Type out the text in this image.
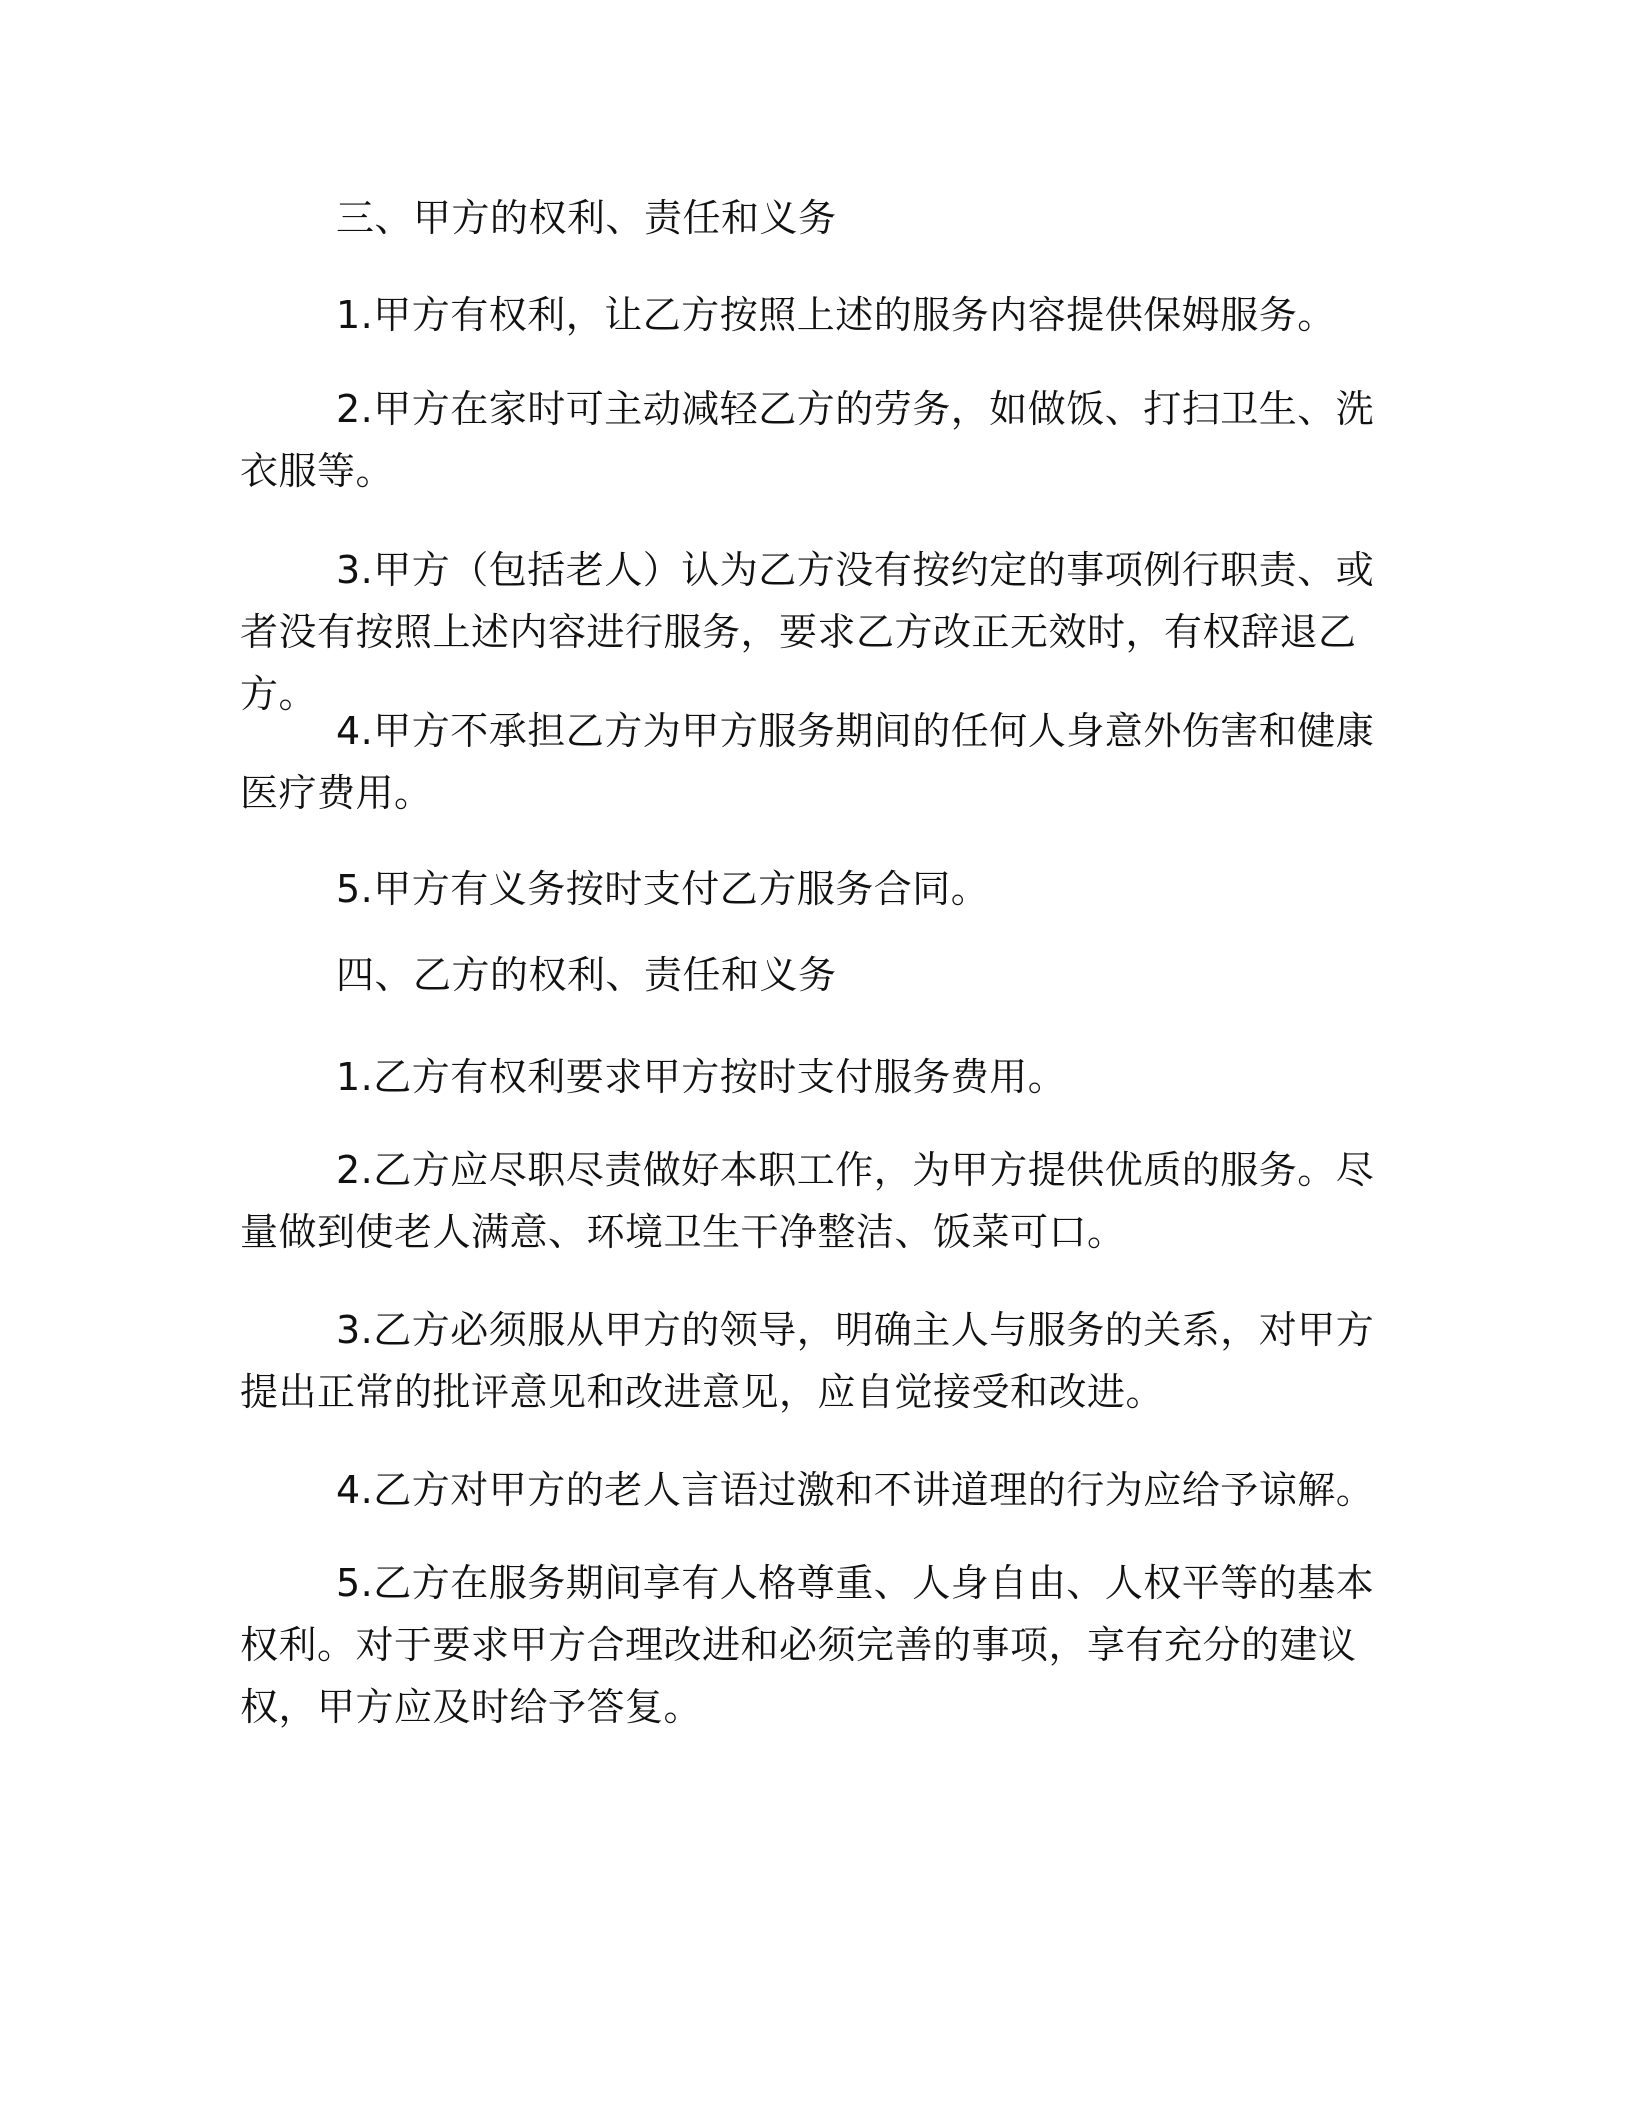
三、甲方的权利、责任和义务

1.甲方有权利，让乙方按照上述的服务内容提供保姆服务。

2.甲方在家时可主动减轻乙方的劳务，如做饭、打扫卫生、洗衣服等。

3.甲方（包括老人）认为乙方没有按约定的事项例行职责、或者没有按照上述内容进行服务，要求乙方改正无效时，有权辞退乙方。

4.甲方不承担乙方为甲方服务期间的任何人身意外伤害和健康医疗费用。

5.甲方有义务按时支付乙方服务合同。

四、乙方的权利、责任和义务

1.乙方有权利要求甲方按时支付服务费用。

2.乙方应尽职尽责做好本职工作，为甲方提供优质的服务。尽量做到使老人满意、环境卫生干净整洁、饭菜可口。

3.乙方必须服从甲方的领导，明确主人与服务的关系，对甲方提出正常的批评意见和改进意见，应自觉接受和改进。

4.乙方对甲方的老人言语过激和不讲道理的行为应给予谅解。

5.乙方在服务期间享有人格尊重、人身自由、人权平等的基本权利。对于要求甲方合理改进和必须完善的事项，享有充分的建议权，甲方应及时给予答复。
